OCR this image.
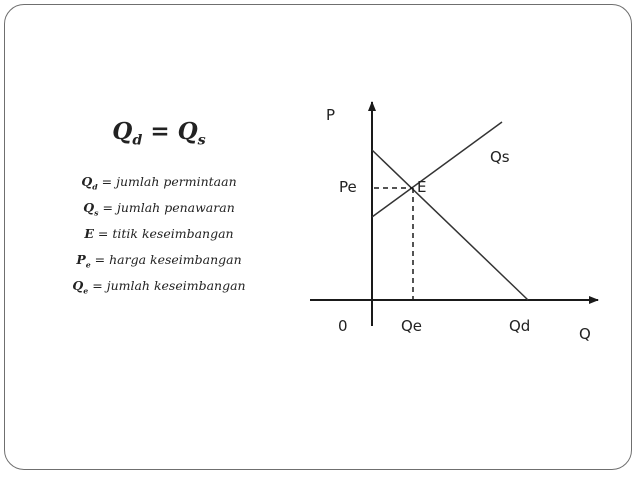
$Q_d = Q_s$
$Q_d$ = jumlah permintaan
$Q_s$ = jumlah penawaran
E = titik keseimbangan
$P_e$ = harga keseimbangan
$Q_e$ = jumlah keseimbangan
P
Q
0
Pe	E
Qe	Qd
Qs
